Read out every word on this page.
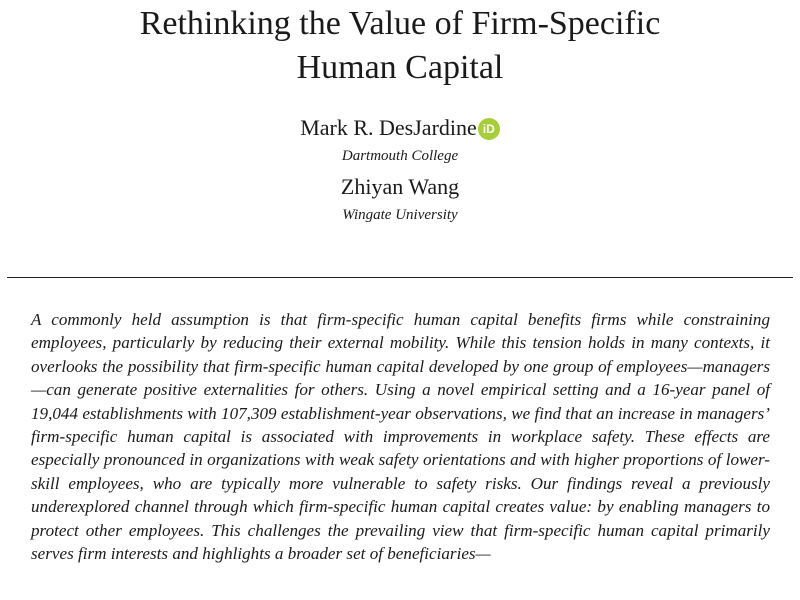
Rethinking the Value of Firm-Specific
Human Capital
Mark R. DesJardine iD
Dartmouth College
Zhiyan Wang
Wingate University

A commonly held assumption is that firm-specific human capital benefits firms while constraining employees, particularly by reducing their external mobility. While this tension holds in many contexts, it overlooks the possibility that firm-specific human capital developed by one group of employees—managers—can generate positive externalities for others. Using a novel empirical setting and a 16-year panel of 19,044 establishments with 107,309 establishment-year observations, we find that an increase in managers’ firm-specific human capital is associated with improvements in workplace safety. These effects are especially pronounced in organizations with weak safety orientations and with higher proportions of lower-skill employees, who are typically more vulnerable to safety risks. Our findings reveal a previously underexplored channel through which firm-specific human capital creates value: by enabling managers to protect other employees. This challenges the prevailing view that firm-specific human capital primarily serves firm interests and highlights a broader set of beneficiaries—
